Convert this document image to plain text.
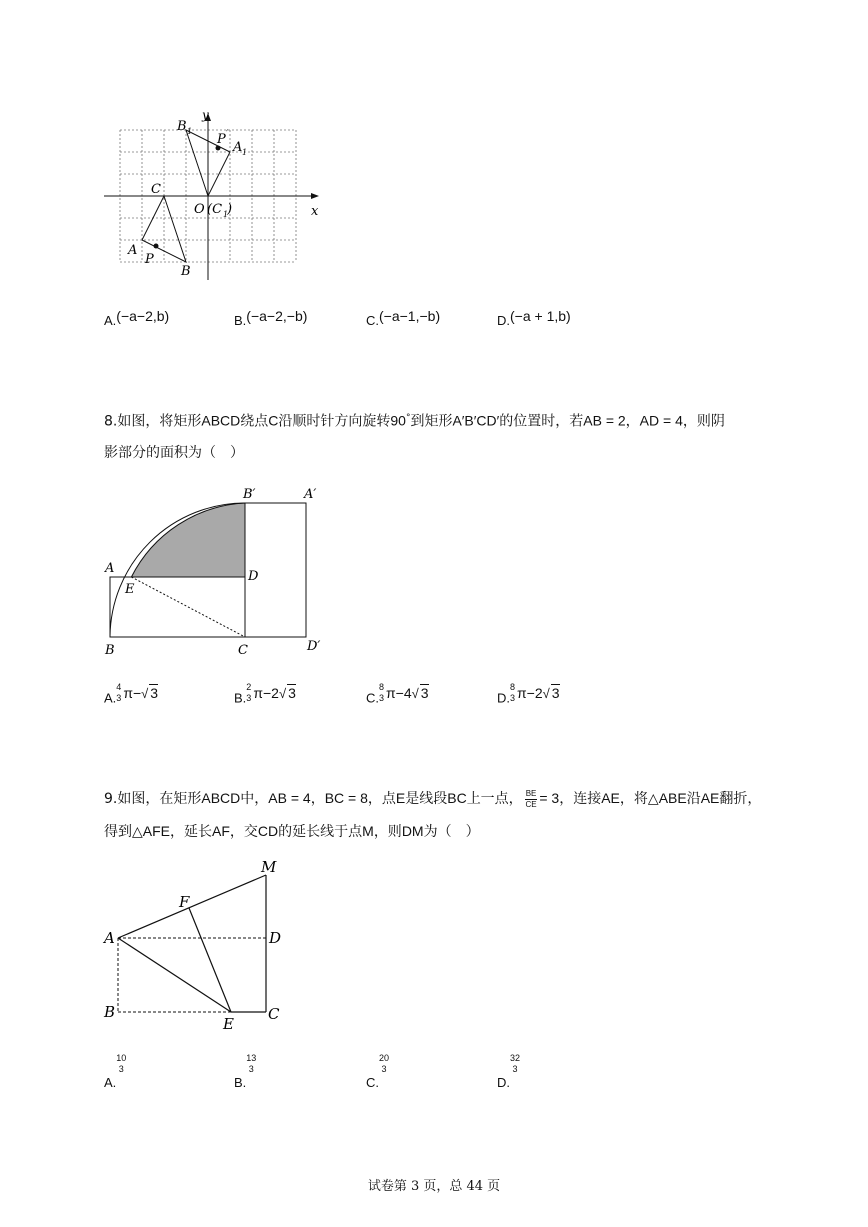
y
x
B 1
P ′
A 1
C
O (C 1
)
A
P
B
A.(−a−2,b)	B.(−a−2,−b)	C.(−a−1,−b)	D.(−a + 1,b)
8.如图，将矩形ABCD绕点C沿顺时针方向旋转90°到矩形A′B′CD′的位置时，若AB = 2，AD = 4，则阴
影部分的面积为（　）
B′	A′
A
D
E
B	C	D′
A.
4
3 π−√ 3	B.
2
3 π−2√ 3	C.
8
3 π−4√ 3	D.
8
3 π−2√ 3
9.如图，在矩形ABCD中，AB = 4，BC = 8，点E是线段BC上一点， $\frac{BE}{CE} = 3$，连接AE，将△ABE沿AE翻折，
得到△AFE，延长AF，交CD的延长线于点M，则DM为（　）
M
F
A	D
B
E
C
A.
10
3
B.
13
3
C.
20
3
D.
32
3
试卷第 3 页，总 44 页
